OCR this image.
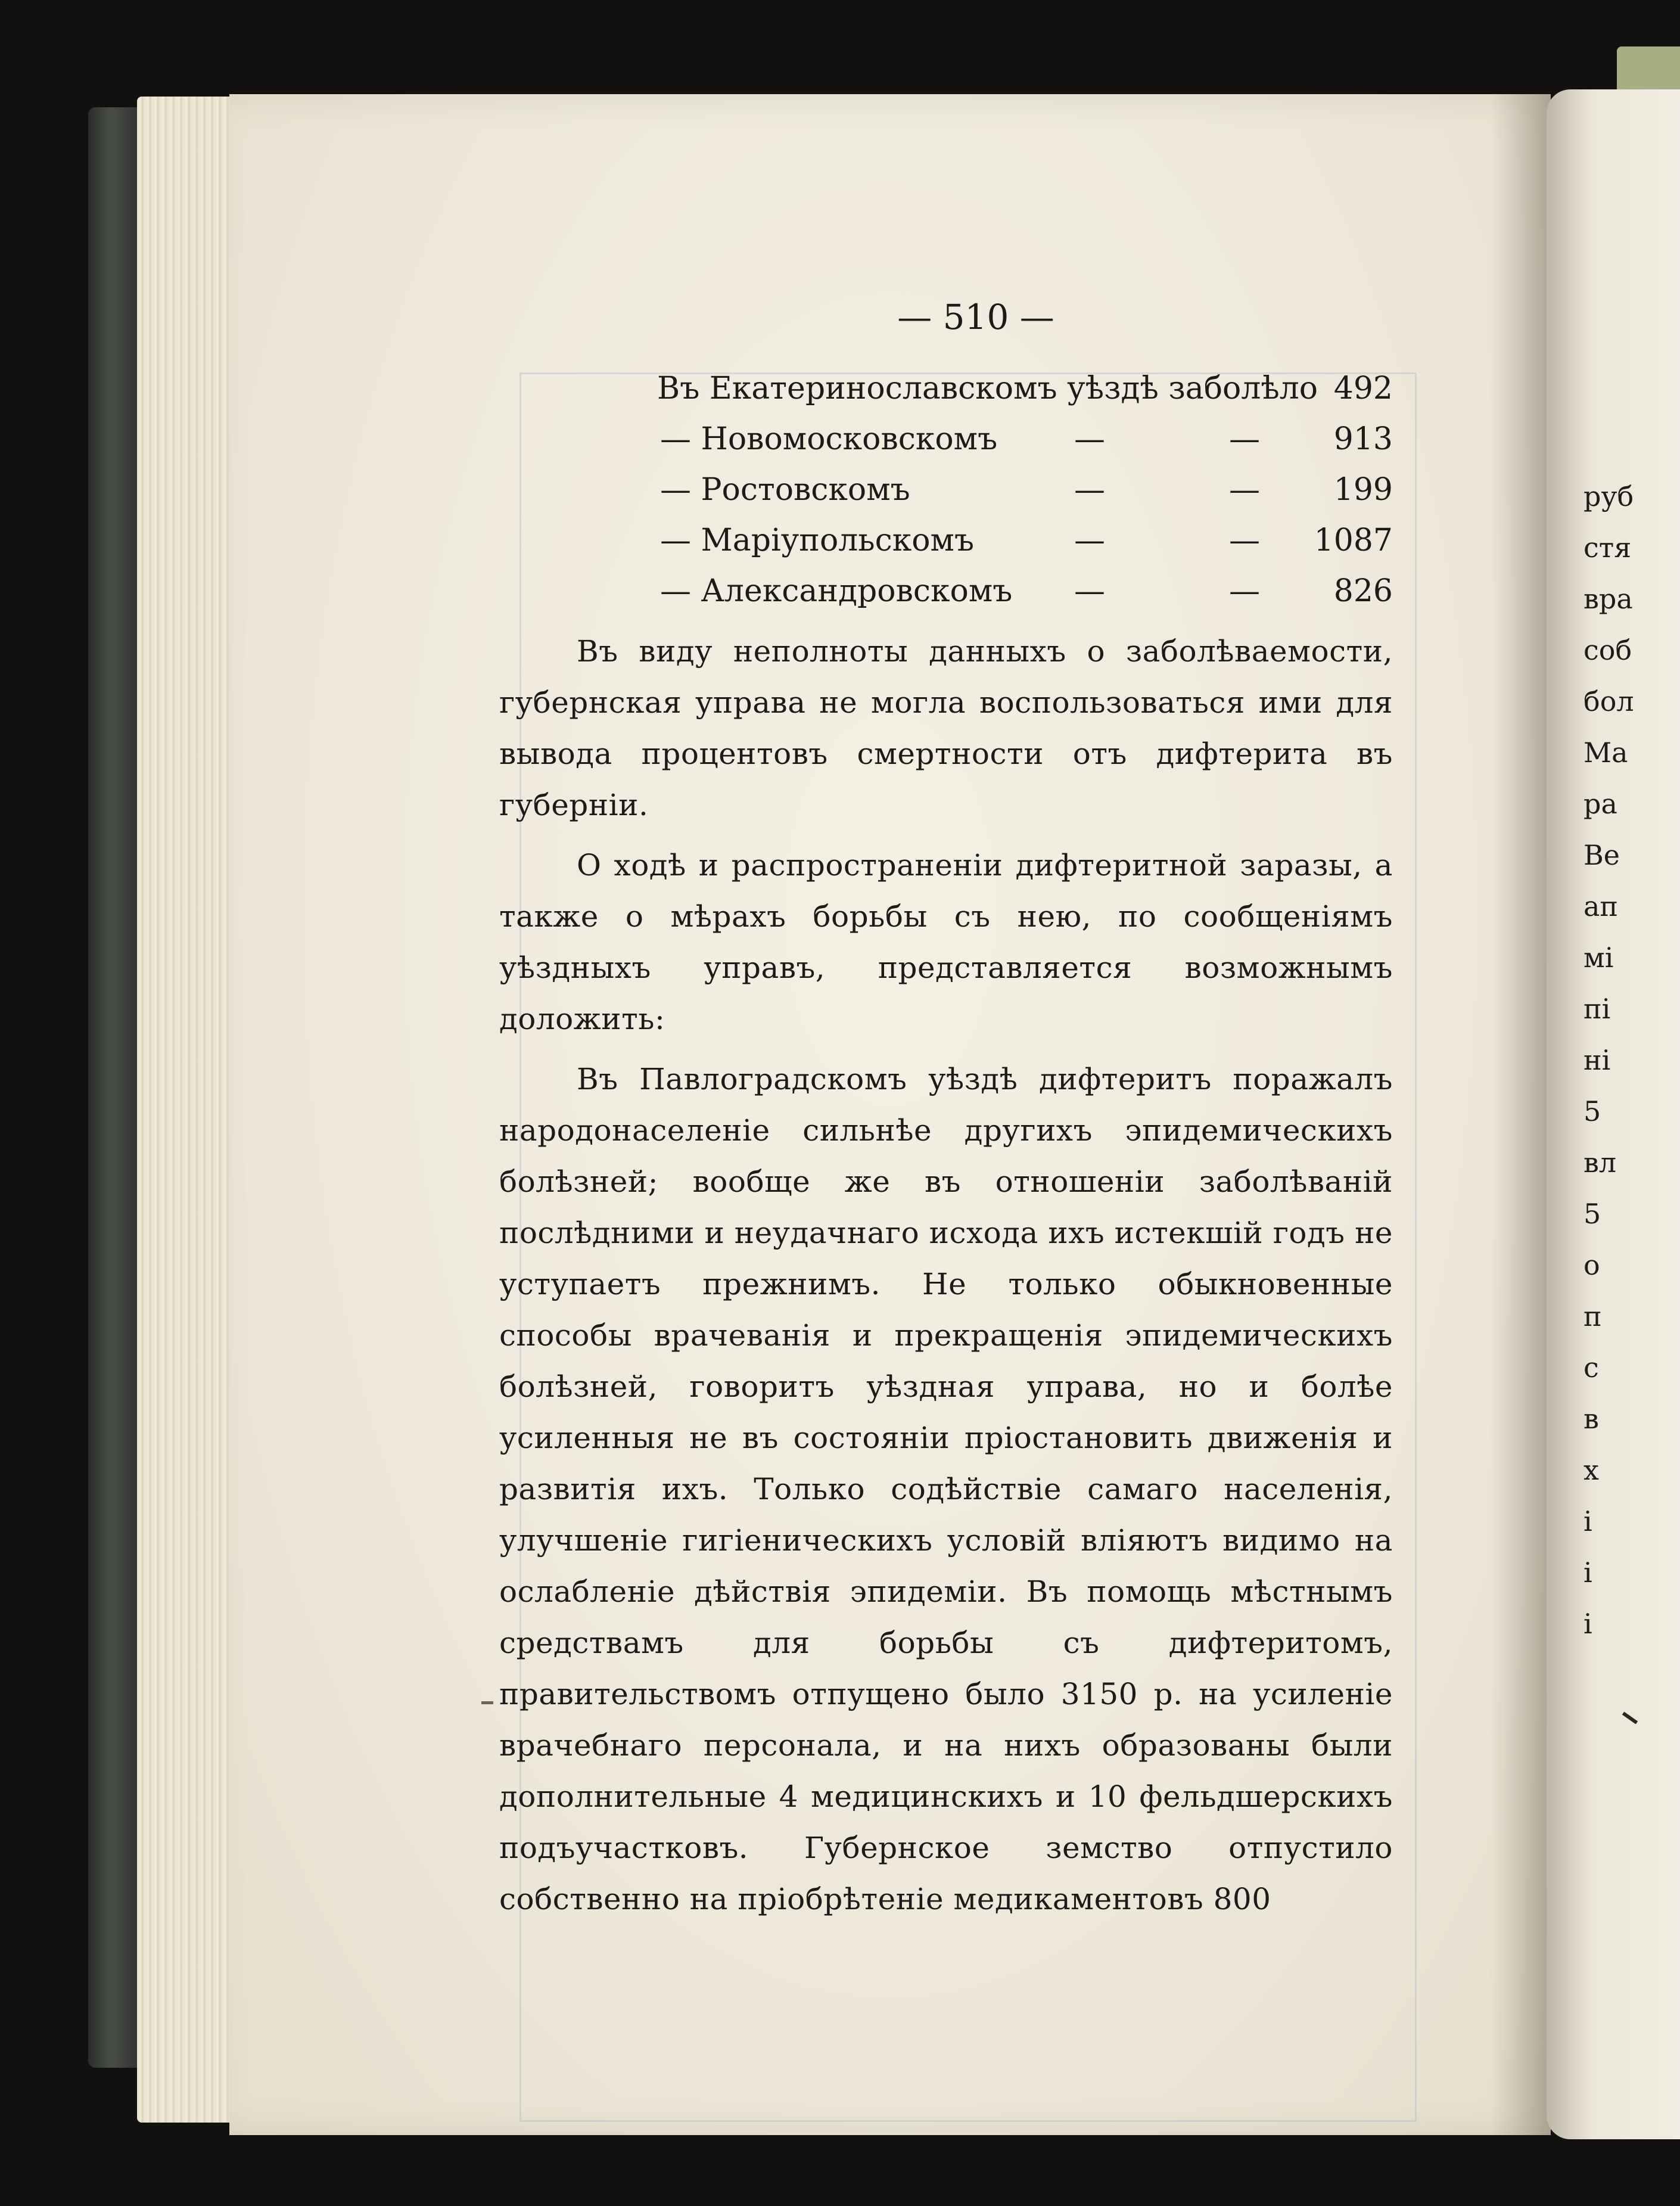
— 510 —
Въ Екатеринославскомъ уѣздѣ заболѣло 492
— Новомосковскомъ —	— 913
— Ростовскомъ	—	— 199
— Маріупольскомъ	—	— 1087
— Александровскомъ —	— 826

Въ виду неполноты данныхъ о заболѣваемости, губернская управа не могла воспользоваться ими для вывода процентовъ смертности отъ дифтерита въ губерніи.

О ходѣ и распространеніи дифтеритной заразы, а также о мѣрахъ борьбы съ нею, по сообщеніямъ уѣздныхъ управъ, представляется возможнымъ доложить:

Въ Павлоградскомъ уѣздѣ дифтеритъ поражалъ народонаселеніе сильнѣе другихъ эпидемическихъ болѣзней; вообще же въ отношеніи заболѣваній послѣдними и неудачнаго исхода ихъ истекшій годъ не уступаетъ прежнимъ. Не только обыкновенные способы врачеванія и прекращенія эпидемическихъ болѣзней, говоритъ уѣздная управа, но и болѣе усиленныя не въ состояніи пріостановить движенія и развитія ихъ. Только содѣйствіе самаго населенія, улучшеніе гигіеническихъ условій вліяютъ видимо на ослабленіе дѣйствія эпидеміи. Въ помощь мѣстнымъ средствамъ для борьбы съ дифтеритомъ, правительствомъ отпущено было 3150 р. на усиленіе врачебнаго персонала, и на нихъ образованы были дополнительные 4 медицинскихъ и 10 фельдшерскихъ подъучастковъ. Губернское земство отпустило собственно на пріобрѣтеніе медикаментовъ 800

руб
стя
вра
соб
бол
Ма
ра
Ве
ап
мі
пі
ні
5
вл
5
о
п
с
в
х
і
і
і
